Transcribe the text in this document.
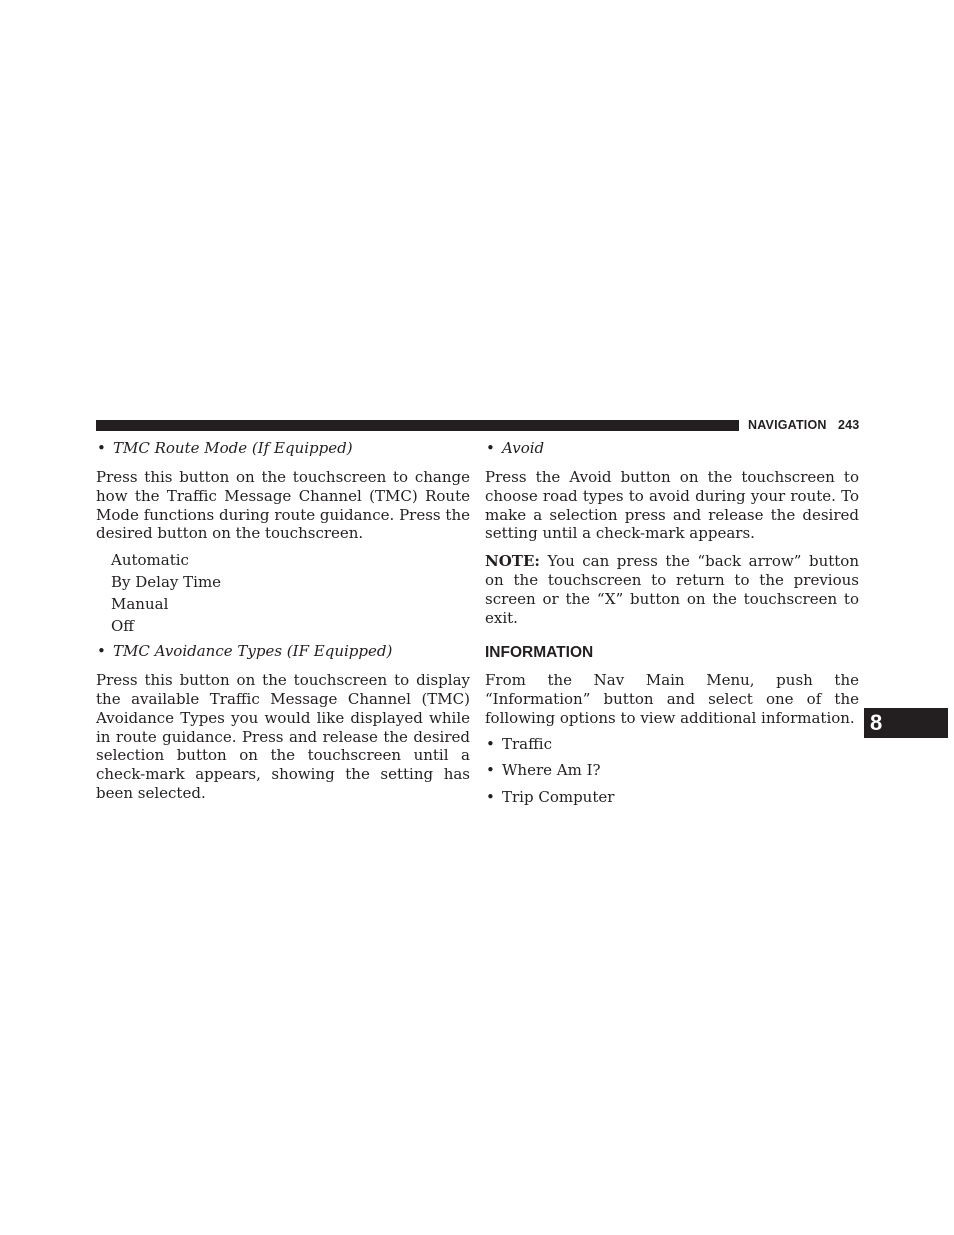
NAVIGATION 243
• TMC Route Mode (If Equipped)

Press this button on the touchscreen to change how the Traffic Message Channel (TMC) Route Mode functions during route guidance. Press the desired button on the touchscreen.

Automatic
By Delay Time
Manual
Off
• TMC Avoidance Types (IF Equipped)

Press this button on the touchscreen to display the available Traffic Message Channel (TMC) Avoidance Types you would like displayed while in route guidance. Press and release the desired selection button on the touchscreen until a check-mark appears, showing the setting has been selected.

• Avoid

Press the Avoid button on the touchscreen to choose road types to avoid during your route. To make a selection press and release the desired setting until a check-mark appears.

NOTE: You can press the “back arrow” button on the touchscreen to return to the previous screen or the “X” button on the touchscreen to exit.

INFORMATION

From the Nav Main Menu, push the “Information” button and select one of the following options to view additional information.

• Traffic
• Where Am I?
• Trip Computer
8
